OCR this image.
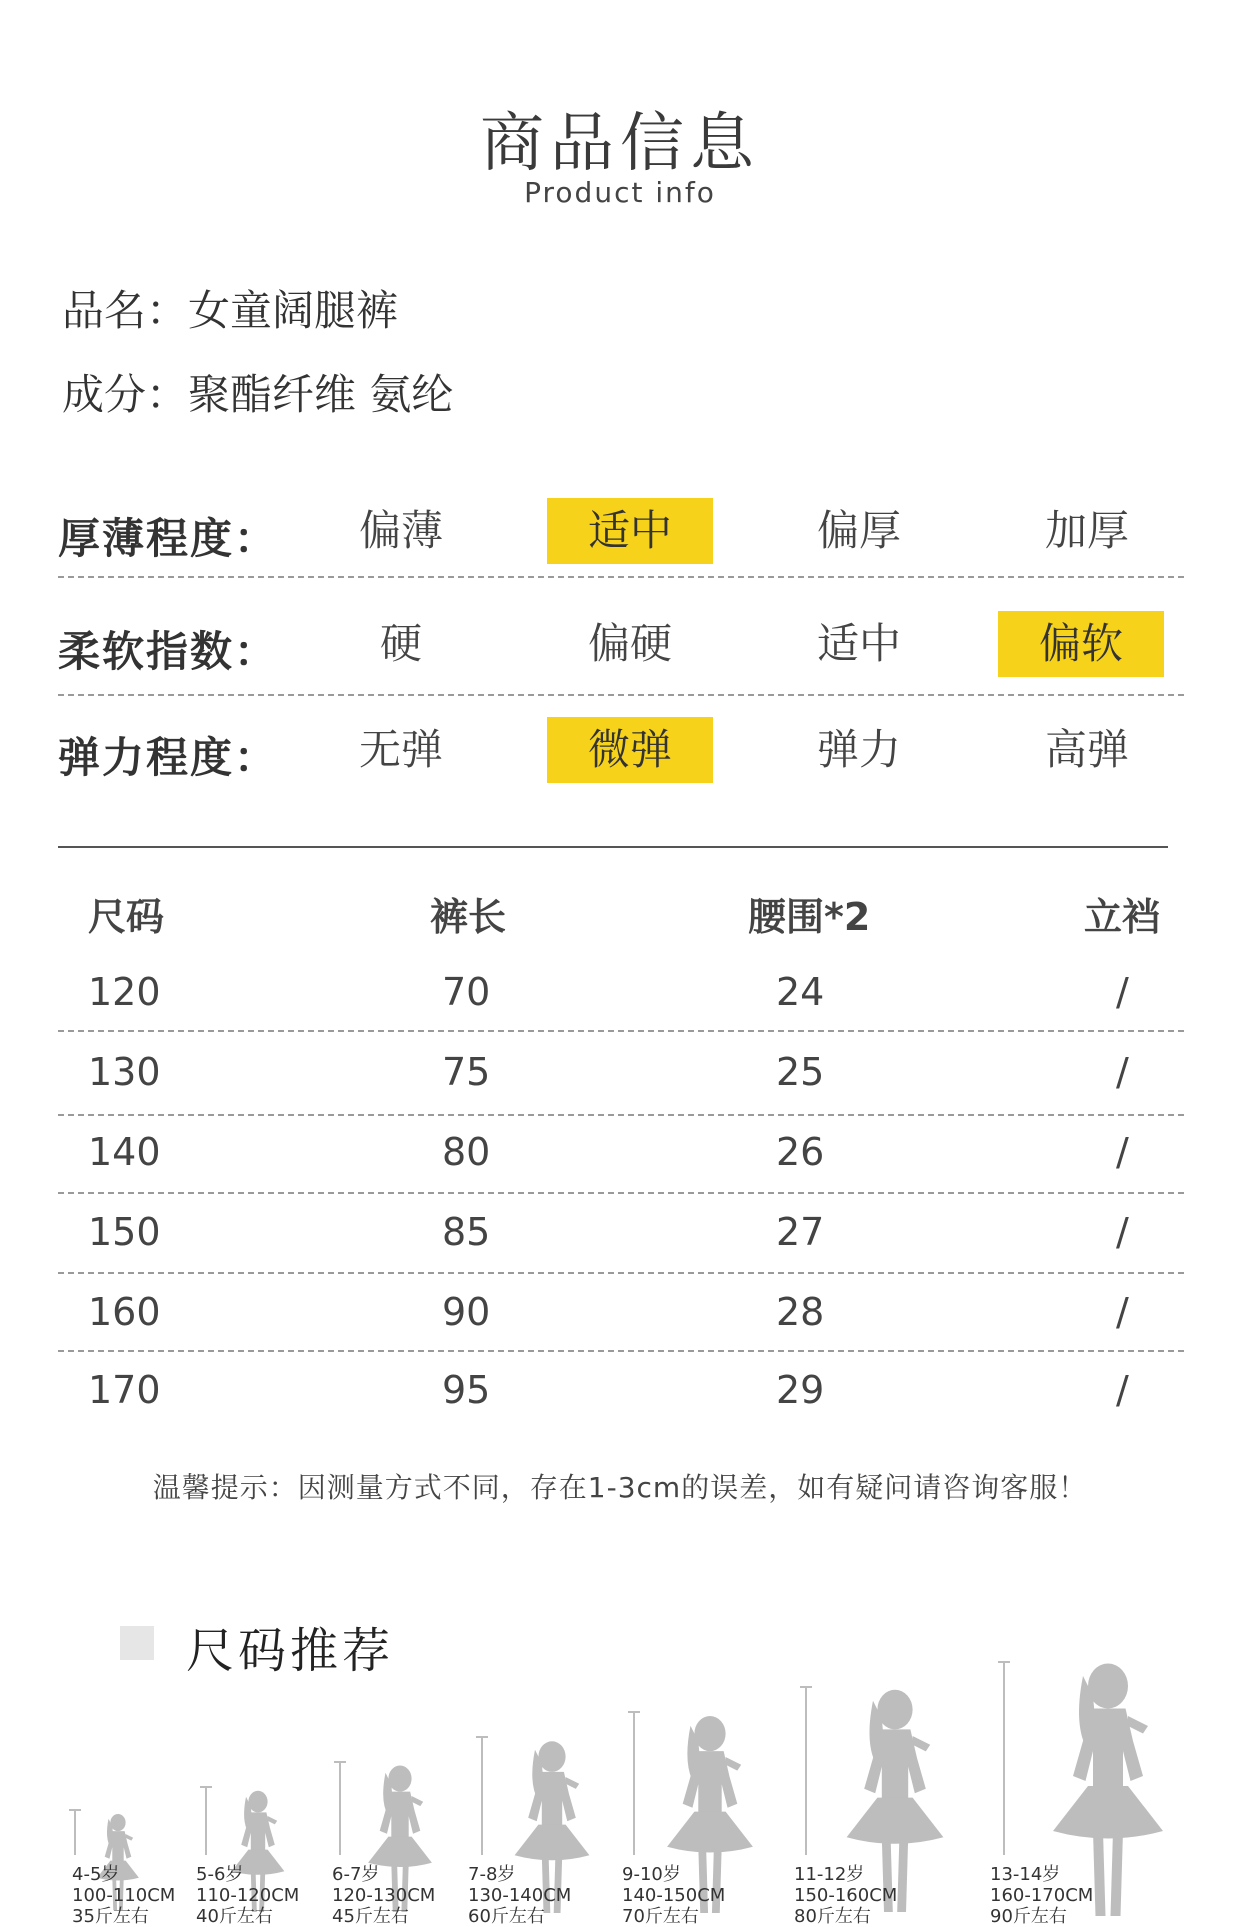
商品信息
Product info
品名：女童阔腿裤
成分：聚酯纤维 氨纶
厚薄程度：	偏薄	适中	偏厚	加厚
柔软指数：	硬	偏硬	适中	偏软
弹力程度：	无弹	微弹	弹力	高弹
尺码	裤长	腰围*2	立裆
120	70	24	/
130	75	25	/
140	80	26	/
150	85	27	/
160	90	28	/
170	95	29	/
温馨提示：因测量方式不同，存在1-3cm的误差，如有疑问请咨询客服！
尺码推荐
4-5岁
100-110CM
35斤左右
5-6岁
110-120CM
40斤左右
6-7岁
120-130CM
45斤左右
7-8岁
130-140CM
60斤左右
9-10岁
140-150CM
70斤左右
11-12岁
150-160CM
80斤左右
13-14岁
160-170CM
90斤左右
